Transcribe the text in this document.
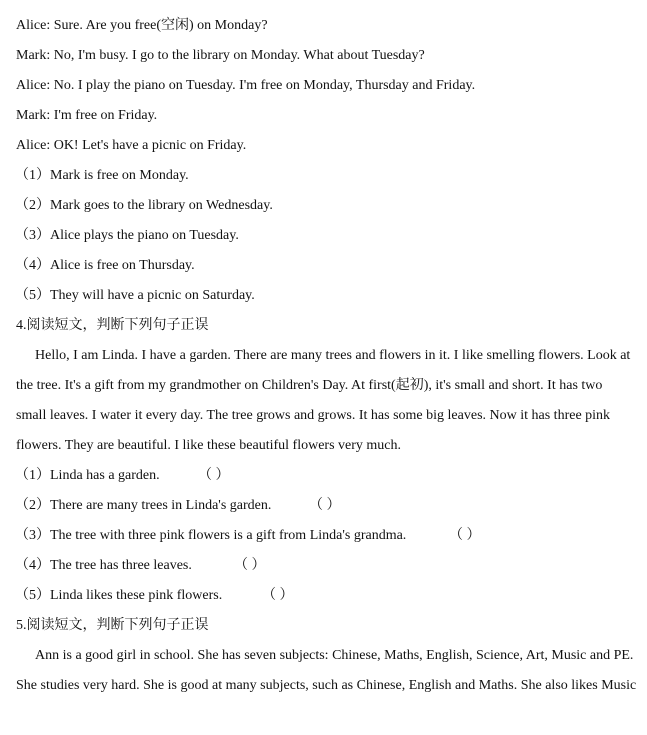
Alice: Sure. Are you free(空闲) on Monday?

Mark: No, I'm busy. I go to the library on Monday. What about Tuesday?

Alice: No. I play the piano on Tuesday. I'm free on Monday, Thursday and Friday.

Mark: I'm free on Friday.

Alice: OK! Let's have a picnic on Friday.

（1）Mark is free on Monday.

（2）Mark goes to the library on Wednesday.

（3）Alice plays the piano on Tuesday.

（4）Alice is free on Thursday.

（5）They will have a picnic on Saturday.

4.阅读短文，判断下列句子正误

Hello, I am Linda. I have a garden. There are many trees and flowers in it. I like smelling flowers. Look at

the tree. It's a gift from my grandmother on Children's Day. At first(起初), it's small and short. It has two

small leaves. I water it every day. The tree grows and grows. It has some big leaves. Now it has three pink

flowers. They are beautiful. I like these beautiful flowers very much.

（1）Linda has a garden.	（ ）

（2）There are many trees in Linda's garden.	（ ）

（3）The tree with three pink flowers is a gift from Linda's grandma.	（ ）

（4）The tree has three leaves.	（ ）

（5）Linda likes these pink flowers.	（ ）

5.阅读短文，判断下列句子正误

Ann is a good girl in school. She has seven subjects: Chinese, Maths, English, Science, Art, Music and PE.

She studies very hard. She is good at many subjects, such as Chinese, English and Maths. She also likes Music
